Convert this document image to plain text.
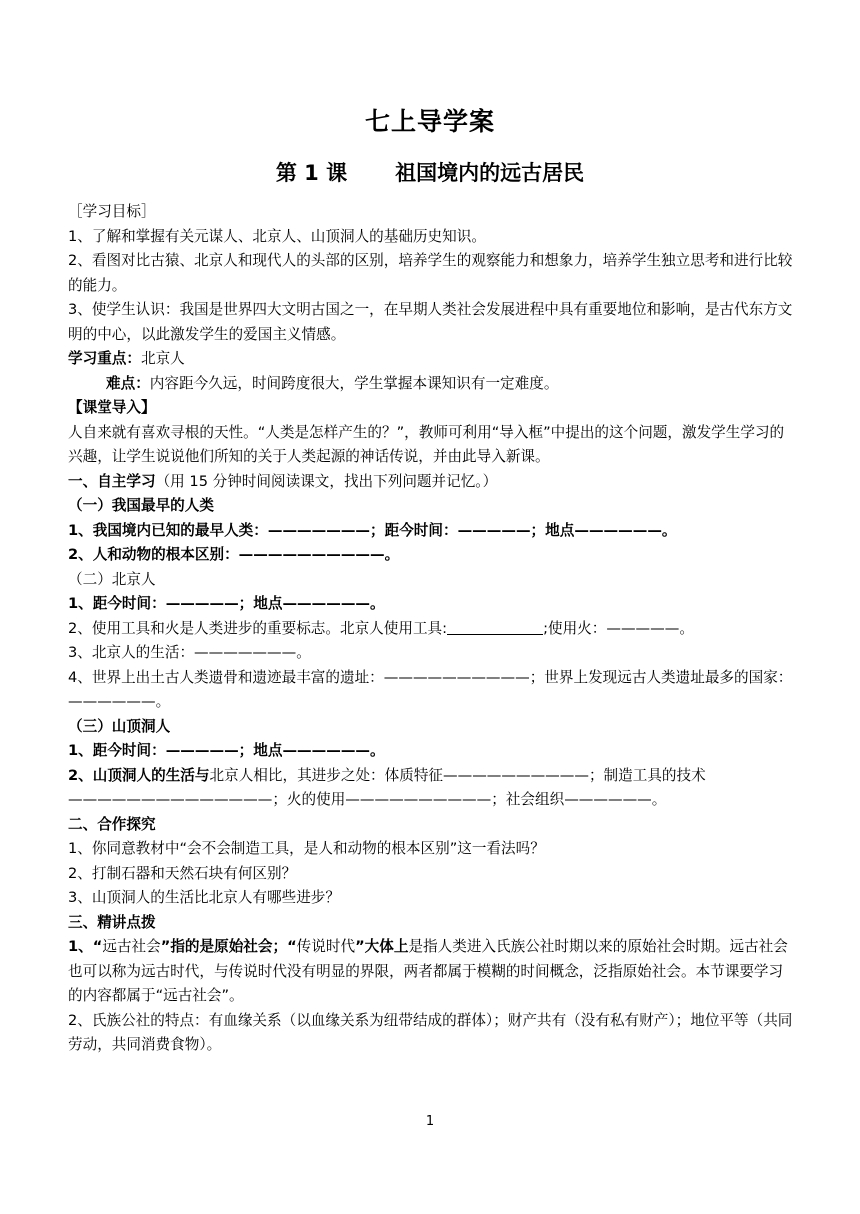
七上导学案
第 1 课 祖国境内的远古居民

［学习目标］

1、了解和掌握有关元谋人、北京人、山顶洞人的基础历史知识。

2、看图对比古猿、北京人和现代人的头部的区别，培养学生的观察能力和想象力，培养学生独立思考和进行比较的能力。

3、使学生认识：我国是世界四大文明古国之一，在早期人类社会发展进程中具有重要地位和影响，是古代东方文明的中心，以此激发学生的爱国主义情感。

学习重点：北京人

难点：内容距今久远，时间跨度很大，学生掌握本课知识有一定难度。

【课堂导入】

人自来就有喜欢寻根的天性。“人类是怎样产生的？”，教师可利用“导入框”中提出的这个问题，激发学生学习的兴趣，让学生说说他们所知的关于人类起源的神话传说，并由此导入新课。

一、自主学习（用 15 分钟时间阅读课文，找出下列问题并记忆。）

（一）我国最早的人类

1、我国境内已知的最早人类：———————；距今时间：—————；地点——————。

2、人和动物的根本区别：——————————。

（二）北京人

1、距今时间：—————；地点——————。

2、使用工具和火是人类进步的重要标志。北京人使用工具:	;使用火：—————。

3、北京人的生活：———————。

4、世界上出土古人类遗骨和遗迹最丰富的遗址：——————————；世界上发现远古人类遗址最多的国家：——————。

（三）山顶洞人

1、距今时间：—————；地点——————。

2、山顶洞人的生活与北京人相比，其进步之处：体质特征——————————；制造工具的技术——————————————；火的使用——————————；社会组织——————。

二、合作探究

1、你同意教材中“会不会制造工具，是人和动物的根本区别”这一看法吗？

2、打制石器和天然石块有何区别？

3、山顶洞人的生活比北京人有哪些进步？

三、精讲点拨

1、“远古社会”指的是原始社会；“传说时代”大体上是指人类进入氏族公社时期以来的原始社会时期。远古社会也可以称为远古时代，与传说时代没有明显的界限，两者都属于模糊的时间概念，泛指原始社会。本节课要学习的内容都属于“远古社会”。

2、氏族公社的特点：有血缘关系（以血缘关系为纽带结成的群体）；财产共有（没有私有财产）；地位平等（共同劳动，共同消费食物）。

1
